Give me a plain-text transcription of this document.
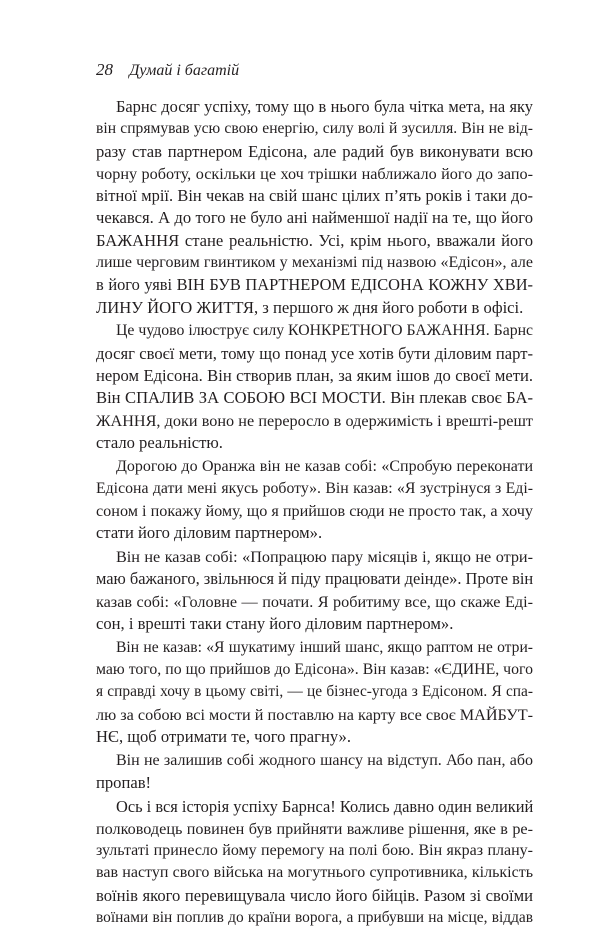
28 Думай і багатій
Барнс досяг успіху, тому що в нього була чітка мета, на яку
він спрямував усю свою енергію, силу волі й зусилля. Він не від-
разу став партнером Едісона, але радий був виконувати всю
чорну роботу, оскільки це хоч трішки наближало його до запо-
вітної мрії. Він чекав на свій шанс цілих п’ять років і таки до-
чекався. А до того не було ані найменшої надії на те, що його
БАЖАННЯ стане реальністю. Усі, крім нього, вважали його
лише черговим гвинтиком у механізмі під назвою «Едісон», але
в його уяві ВІН БУВ ПАРТНЕРОМ ЕДІСОНА КОЖНУ ХВИ-
ЛИНУ ЙОГО ЖИТТЯ, з першого ж дня його роботи в офісі.
Це чудово ілюструє силу КОНКРЕТНОГО БАЖАННЯ. Барнс
досяг своєї мети, тому що понад усе хотів бути діловим парт-
нером Едісона. Він створив план, за яким ішов до своєї мети.
Він СПАЛИВ ЗА СОБОЮ ВСІ МОСТИ. Він плекав своє БА-
ЖАННЯ, доки воно не переросло в одержимість і врешті-решт
стало реальністю.
Дорогою до Оранжа він не казав собі: «Спробую переконати
Едісона дати мені якусь роботу». Він казав: «Я зустрінуся з Еді-
соном і покажу йому, що я прийшов сюди не просто так, а хочу
стати його діловим партнером».
Він не казав собі: «Попрацюю пару місяців і, якщо не отри-
маю бажаного, звільнюся й піду працювати деінде». Проте він
казав собі: «Головне — почати. Я робитиму все, що скаже Еді-
сон, і врешті таки стану його діловим партнером».
Він не казав: «Я шукатиму інший шанс, якщо раптом не отри-
маю того, по що прийшов до Едісона». Він казав: «ЄДИНЕ, чого
я справді хочу в цьому світі, — це бізнес-угода з Едісоном. Я спа-
лю за собою всі мости й поставлю на карту все своє МАЙБУТ-
НЄ, щоб отримати те, чого прагну».
Він не залишив собі жодного шансу на відступ. Або пан, або
пропав!
Ось і вся історія успіху Барнса! Колись давно один великий
полководець повинен був прийняти важливе рішення, яке в ре-
зультаті принесло йому перемогу на полі бою. Він якраз плану-
вав наступ свого війська на могутнього супротивника, кількість
воїнів якого перевищувала число його бійців. Разом зі своїми
воїнами він поплив до країни ворога, а прибувши на місце, віддав
